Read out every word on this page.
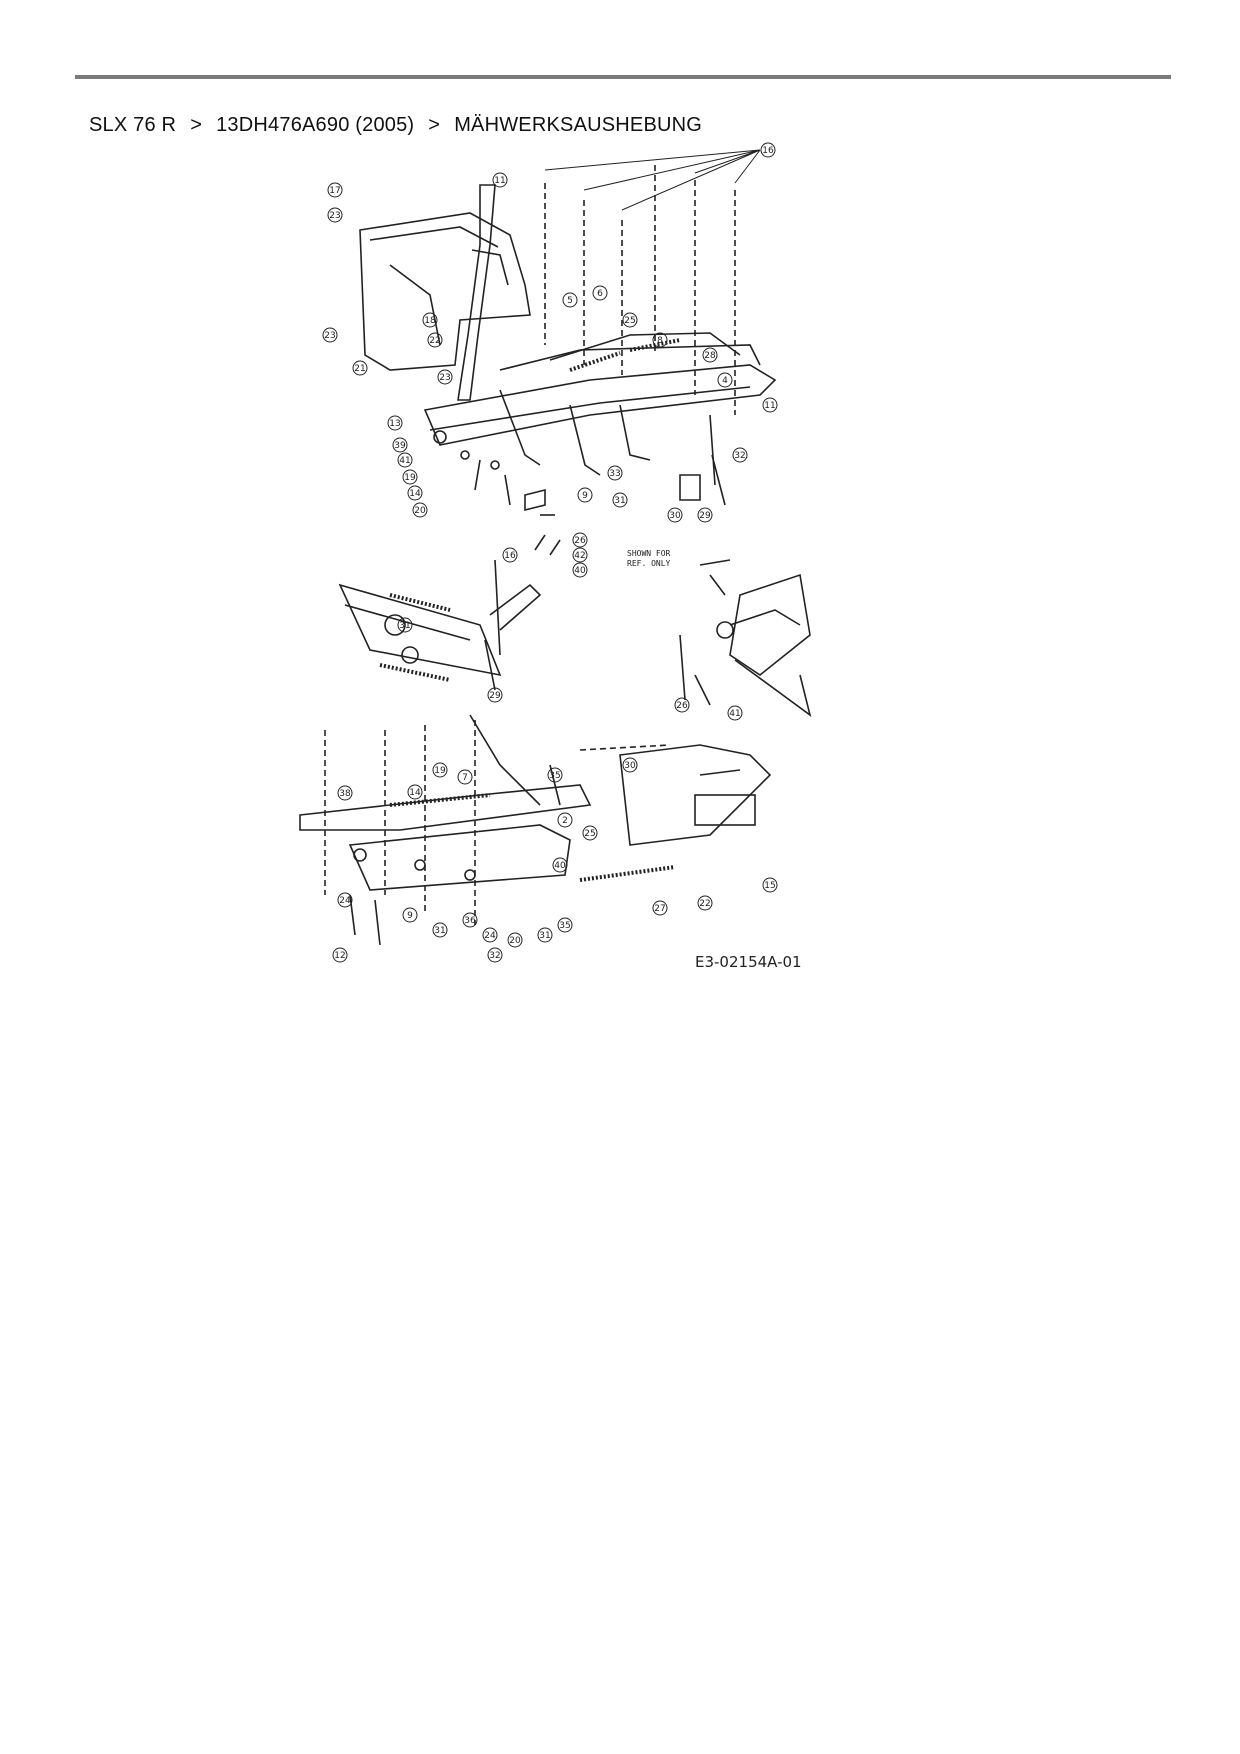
SLX 76 R > 13DH476A690 (2005) > MÄHWERKSAUSHEBUNG
17
23
23
21
11
16
18
22
23
5
6
25
8
28
4
11
32
13
39
41
19
14
20
9
33
31
30 29
26
42
40
16
31
29
26
41
38	14
19
7	35
2
25
30
40
27	22
15
12
24
9
31
36
24 20 31
35
32
SHOWN FOR
REF. ONLY
E3-02154A-01
